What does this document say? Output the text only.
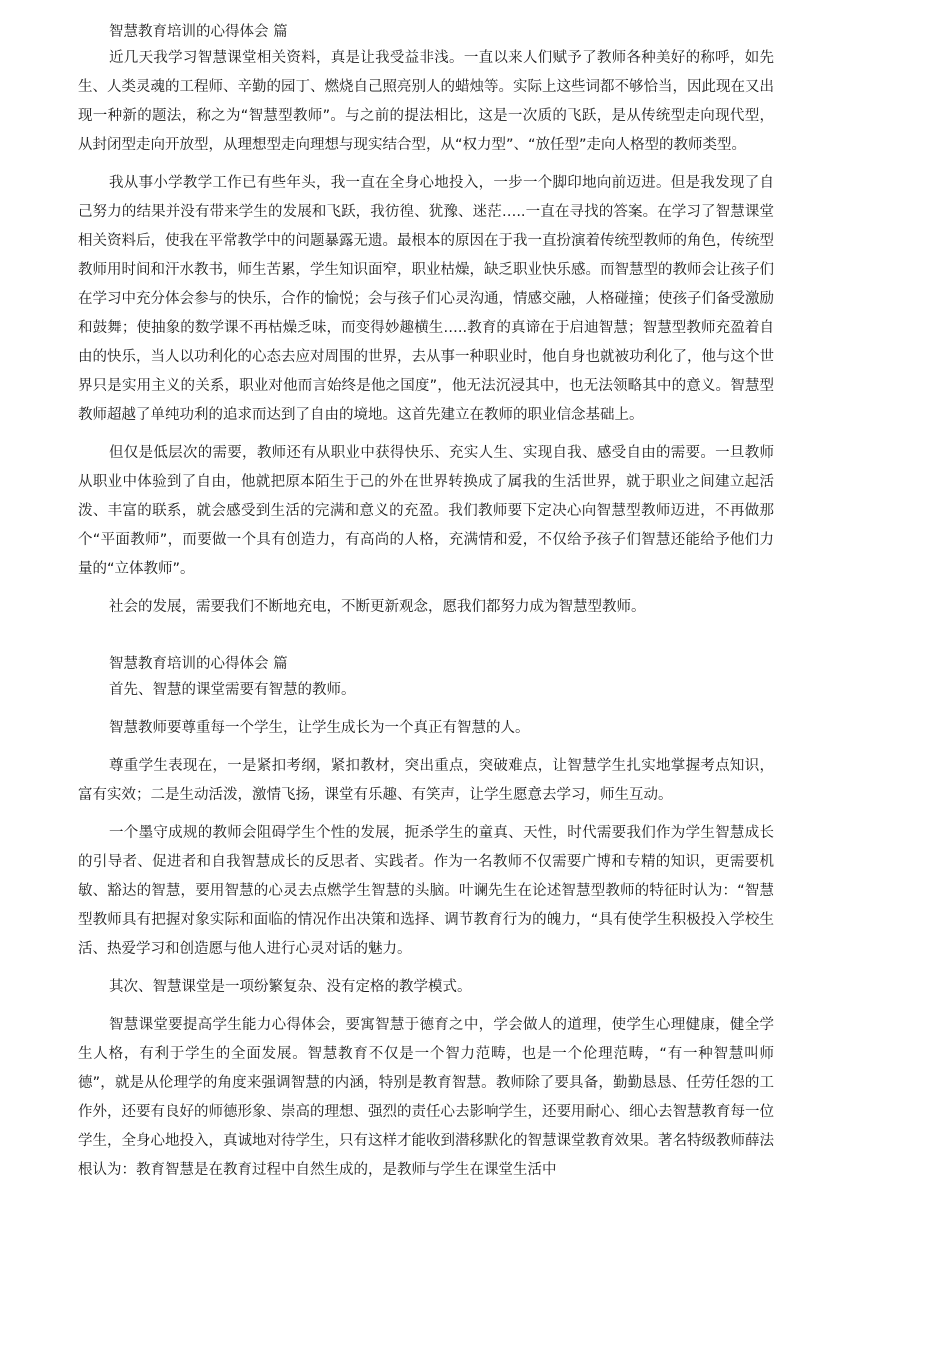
智慧教育培训的心得体会 篇

近几天我学习智慧课堂相关资料，真是让我受益非浅。一直以来人们赋予了教师各种美好的称呼，如先生、人类灵魂的工程师、辛勤的园丁、燃烧自己照亮别人的蜡烛等。实际上这些词都不够恰当，因此现在又出现一种新的题法，称之为“智慧型教师”。与之前的提法相比，这是一次质的飞跃，是从传统型走向现代型，从封闭型走向开放型，从理想型走向理想与现实结合型，从“权力型”、“放任型”走向人格型的教师类型。

我从事小学教学工作已有些年头，我一直在全身心地投入，一步一个脚印地向前迈进。但是我发现了自己努力的结果并没有带来学生的发展和飞跃，我彷徨、犹豫、迷茫…..一直在寻找的答案。在学习了智慧课堂相关资料后，使我在平常教学中的问题暴露无遗。最根本的原因在于我一直扮演着传统型教师的角色，传统型教师用时间和汗水教书，师生苦累，学生知识面窄，职业枯燥，缺乏职业快乐感。而智慧型的教师会让孩子们在学习中充分体会参与的快乐，合作的愉悦；会与孩子们心灵沟通，情感交融，人格碰撞；使孩子们备受激励和鼓舞；使抽象的数学课不再枯燥乏味，而变得妙趣横生…..教育的真谛在于启迪智慧；智慧型教师充盈着自由的快乐，当人以功利化的心态去应对周围的世界，去从事一种职业时，他自身也就被功利化了，他与这个世界只是实用主义的关系，职业对他而言始终是他之国度”，他无法沉浸其中，也无法领略其中的意义。智慧型教师超越了单纯功利的追求而达到了自由的境地。这首先建立在教师的职业信念基础上。

但仅是低层次的需要，教师还有从职业中获得快乐、充实人生、实现自我、感受自由的需要。一旦教师从职业中体验到了自由，他就把原本陌生于己的外在世界转换成了属我的生活世界，就于职业之间建立起活泼、丰富的联系，就会感受到生活的完满和意义的充盈。我们教师要下定决心向智慧型教师迈进，不再做那个“平面教师”，而要做一个具有创造力，有高尚的人格，充满情和爱，不仅给予孩子们智慧还能给予他们力量的“立体教师”。

社会的发展，需要我们不断地充电，不断更新观念，愿我们都努力成为智慧型教师。

智慧教育培训的心得体会 篇

首先、智慧的课堂需要有智慧的教师。

智慧教师要尊重每一个学生，让学生成长为一个真正有智慧的人。

尊重学生表现在，一是紧扣考纲，紧扣教材，突出重点，突破难点，让智慧学生扎实地掌握考点知识，富有实效；二是生动活泼，激情飞扬，课堂有乐趣、有笑声，让学生愿意去学习，师生互动。

一个墨守成规的教师会阻碍学生个性的发展，扼杀学生的童真、天性，时代需要我们作为学生智慧成长的引导者、促进者和自我智慧成长的反思者、实践者。作为一名教师不仅需要广博和专精的知识，更需要机敏、豁达的智慧，要用智慧的心灵去点燃学生智慧的头脑。叶谰先生在论述智慧型教师的特征时认为：“智慧型教师具有把握对象实际和面临的情况作出决策和选择、调节教育行为的魄力，“具有使学生积极投入学校生活、热爱学习和创造愿与他人进行心灵对话的魅力。

其次、智慧课堂是一项纷繁复杂、没有定格的教学模式。

智慧课堂要提高学生能力心得体会，要寓智慧于德育之中，学会做人的道理，使学生心理健康，健全学生人格，有利于学生的全面发展。智慧教育不仅是一个智力范畴，也是一个伦理范畴，“有一种智慧叫师德”，就是从伦理学的角度来强调智慧的内涵，特别是教育智慧。教师除了要具备，勤勤恳恳、任劳任怨的工作外，还要有良好的师德形象、崇高的理想、强烈的责任心去影响学生，还要用耐心、细心去智慧教育每一位学生，全身心地投入，真诚地对待学生，只有这样才能收到潜移默化的智慧课堂教育效果。著名特级教师薛法根认为：教育智慧是在教育过程中自然生成的，是教师与学生在课堂生活中
